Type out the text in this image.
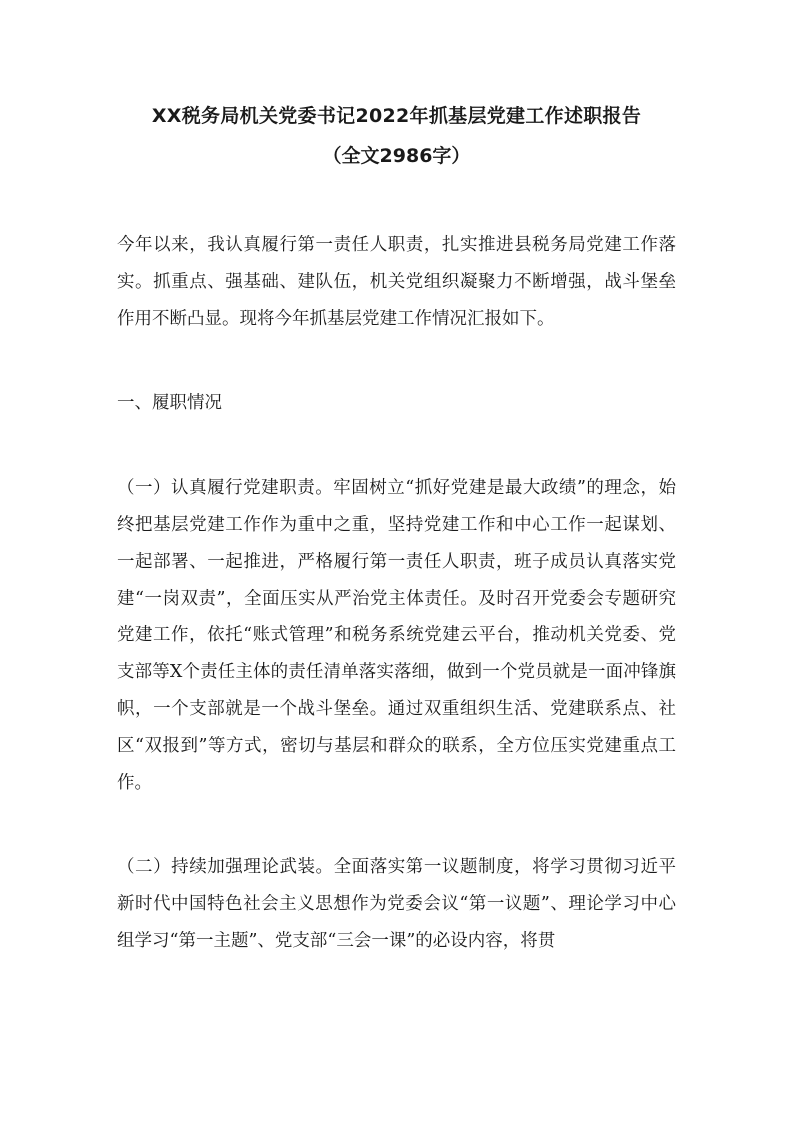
XX税务局机关党委书记2022年抓基层党建工作述职报告
（全文2986字）

今年以来，我认真履行第一责任人职责，扎实推进县税务局党建工作落实。抓重点、强基础、建队伍，机关党组织凝聚力不断增强，战斗堡垒作用不断凸显。现将今年抓基层党建工作情况汇报如下。

一、履职情况

（一）认真履行党建职责。牢固树立“抓好党建是最大政绩”的理念，始终把基层党建工作作为重中之重，坚持党建工作和中心工作一起谋划、一起部署、一起推进，严格履行第一责任人职责，班子成员认真落实党建“一岗双责”，全面压实从严治党主体责任。及时召开党委会专题研究党建工作，依托“账式管理”和税务系统党建云平台，推动机关党委、党支部等X个责任主体的责任清单落实落细，做到一个党员就是一面冲锋旗帜，一个支部就是一个战斗堡垒。通过双重组织生活、党建联系点、社区“双报到”等方式，密切与基层和群众的联系，全方位压实党建重点工作。

（二）持续加强理论武装。全面落实第一议题制度，将学习贯彻习近平新时代中国特色社会主义思想作为党委会议“第一议题”、理论学习中心组学习“第一主题”、党支部“三会一课”的必设内容，将贯
